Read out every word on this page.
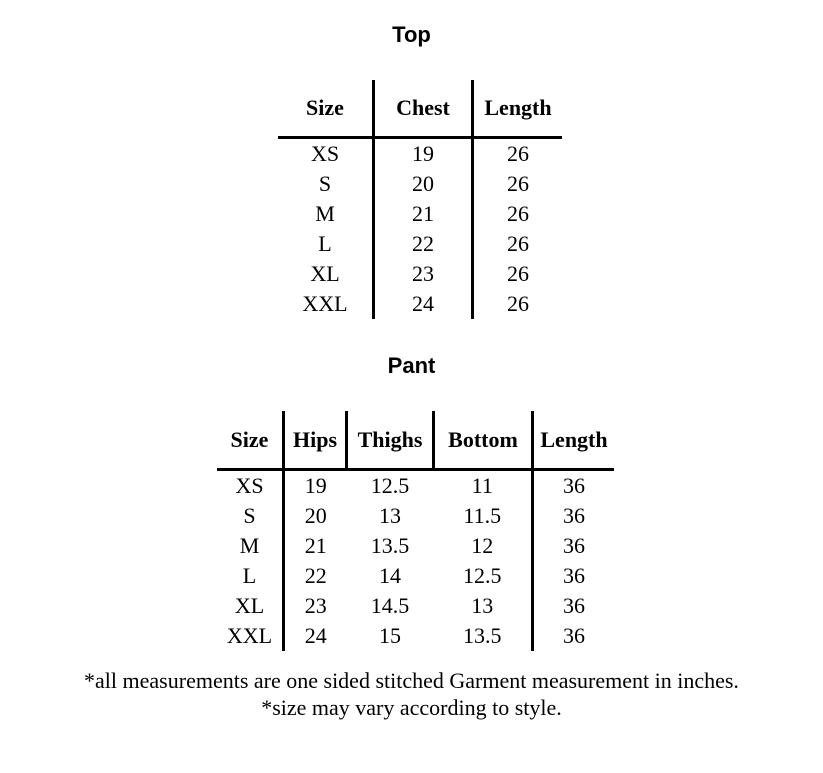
Top
Size	Chest	Length
XS	19	26
S	20	26
M	21	26
L	22	26
XL	23	26
XXL	24	26
Pant
Size	Hips	Thighs	Bottom	Length
XS	19	12.5	11	36
S	20	13	11.5	36
M	21	13.5	12	36
L	22	14	12.5	36
XL	23	14.5	13	36
XXL	24	15	13.5	36
*all measurements are one sided stitched Garment measurement in inches.
*size may vary according to style.
